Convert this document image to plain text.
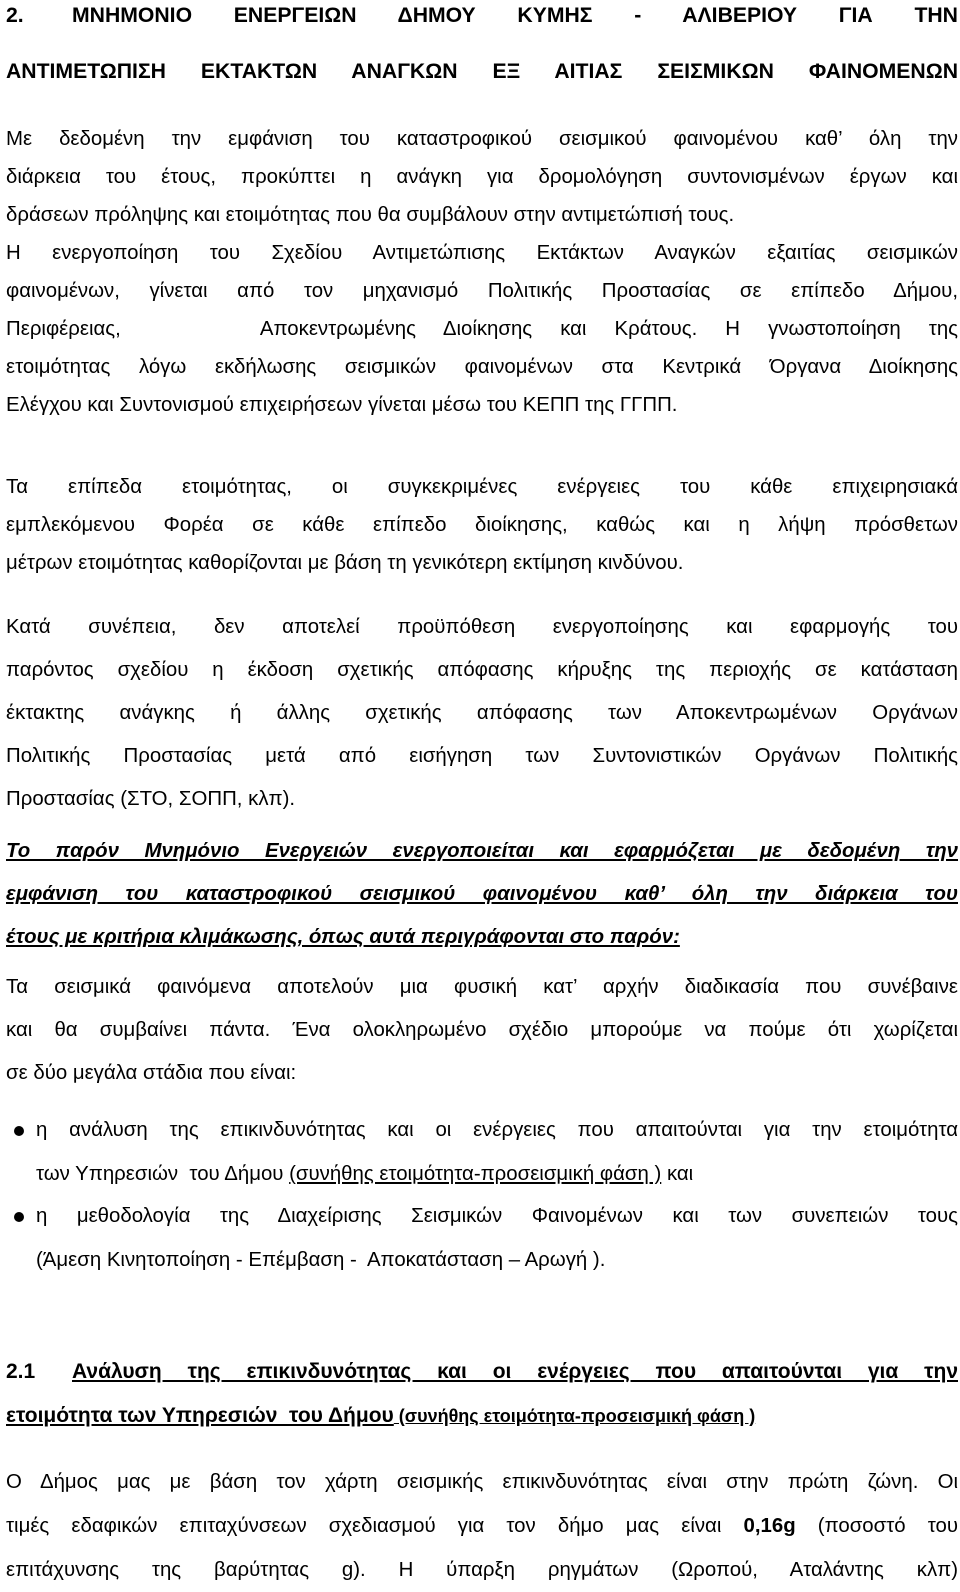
2. ΜΝΗΜΟΝΙΟ ΕΝΕΡΓΕΙΩΝ ΔΗΜΟΥ ΚΥΜΗΣ - ΑΛΙΒΕΡΙΟΥ ΓΙΑ ΤΗΝ
ΑΝΤΙΜΕΤΩΠΙΣΗ ΕΚΤΑΚΤΩΝ ΑΝΑΓΚΩΝ ΕΞ ΑΙΤΙΑΣ ΣΕΙΣΜΙΚΩΝ ΦΑΙΝΟΜΕΝΩΝ
Με δεδομένη την εμφάνιση του καταστροφικού σεισμικού φαινομένου καθ’ όλη την
διάρκεια του έτους, προκύπτει η ανάγκη για δρομολόγηση συντονισμένων έργων και
δράσεων πρόληψης και ετοιμότητας που θα συμβάλουν στην αντιμετώπισή τους.
Η ενεργοποίηση του Σχεδίου Αντιμετώπισης Εκτάκτων Αναγκών εξαιτίας σεισμικών
φαινομένων, γίνεται από τον μηχανισμό Πολιτικής Προστασίας σε επίπεδο Δήμου,
Περιφέρειας,     Αποκεντρωμένης Διοίκησης και Κράτους. Η γνωστοποίηση της
ετοιμότητας λόγω εκδήλωσης σεισμικών φαινομένων στα Κεντρικά Όργανα Διοίκησης
Ελέγχου και Συντονισμού επιχειρήσεων γίνεται μέσω του ΚΕΠΠ της ΓΓΠΠ.
Τα επίπεδα ετοιμότητας, οι συγκεκριμένες ενέργειες του κάθε επιχειρησιακά
εμπλεκόμενου Φορέα σε κάθε επίπεδο διοίκησης, καθώς και η λήψη πρόσθετων
μέτρων ετοιμότητας καθορίζονται με βάση τη γενικότερη εκτίμηση κινδύνου.
Κατά συνέπεια, δεν αποτελεί προϋπόθεση ενεργοποίησης και εφαρμογής του
παρόντος σχεδίου η έκδοση σχετικής απόφασης κήρυξης της περιοχής σε κατάσταση
έκτακτης ανάγκης ή άλλης σχετικής απόφασης των Αποκεντρωμένων Οργάνων
Πολιτικής Προστασίας μετά από εισήγηση των Συντονιστικών Οργάνων Πολιτικής
Προστασίας (ΣΤΟ, ΣΟΠΠ, κλπ).
Το παρόν Μνημόνιο Ενεργειών ενεργοποιείται και εφαρμόζεται με δεδομένη την
εμφάνιση του καταστροφικού σεισμικού φαινομένου καθ’ όλη την διάρκεια του
έτους με κριτήρια κλιμάκωσης, όπως αυτά περιγράφονται στο παρόν:
Τα σεισμικά φαινόμενα αποτελούν μια φυσική κατ’ αρχήν διαδικασία που συνέβαινε
και θα συμβαίνει πάντα. Ένα ολοκληρωμένο σχέδιο μπορούμε να πούμε ότι χωρίζεται
σε δύο μεγάλα στάδια που είναι:
η ανάλυση της επικινδυνότητας και οι ενέργειες που απαιτούνται για την ετοιμότητα
των Υπηρεσιών  του Δήμου (συνήθης ετοιμότητα-προσεισμική φάση ) και
η μεθοδολογία της Διαχείρισης Σεισμικών Φαινομένων και των συνεπειών τους
(Άμεση Κινητοποίηση - Επέμβαση -  Αποκατάσταση – Αρωγή ).
2.1	Ανάλυση της επικινδυνότητας και οι ενέργειες που απαιτούνται για την
ετοιμότητα των Υπηρεσιών  του Δήμου (συνήθης ετοιμότητα-προσεισμική φάση )
Ο Δήμος μας με βάση τον χάρτη σεισμικής επικινδυνότητας είναι στην πρώτη ζώνη. Οι
τιμές εδαφικών επιταχύνσεων σχεδιασμού για τον δήμο μας είναι 0,16g (ποσοστό του
επιτάχυνσης της βαρύτητας g). Η ύπαρξη ρηγμάτων (Ωροπού, Αταλάντης κλπ)
